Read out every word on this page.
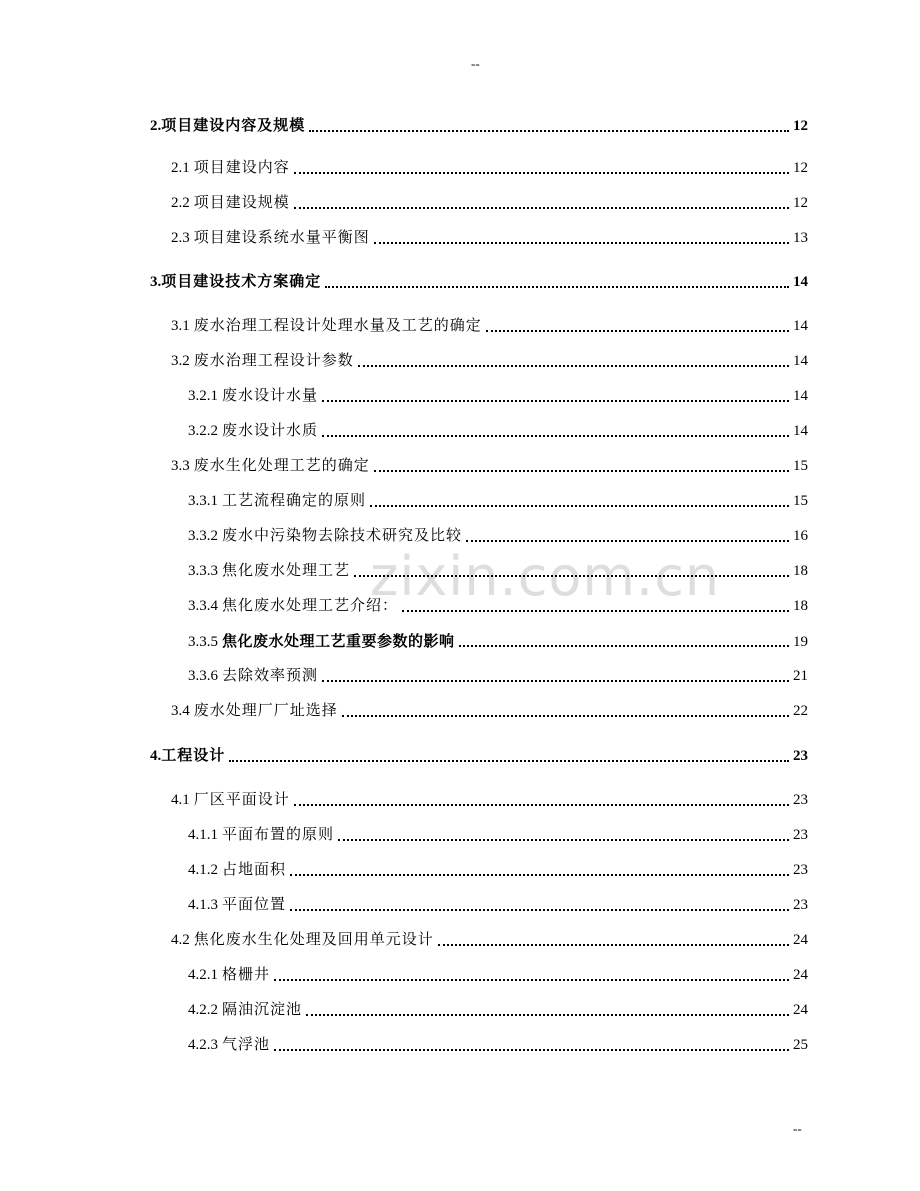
--
zixin.com.cn
2. 项目建设内容及规模	12
2.1 项目建设内容	12
2.2 项目建设规模	12
2.3 项目建设系统水量平衡图	13
3. 项目建设技术方案确定	14
3.1 废水治理工程设计处理水量及工艺的确定	14
3.2 废水治理工程设计参数	14
3.2.1 废水设计水量	14
3.2.2 废水设计水质	14
3.3 废水生化处理工艺的确定	15
3.3.1 工艺流程确定的原则	15
3.3.2 废水中污染物去除技术研究及比较	16
3.3.3 焦化废水处理工艺	18
3.3.4 焦化废水处理工艺介绍：	18
3.3.5 焦化废水处理工艺重要参数的影响	19
3.3.6 去除效率预测	21
3.4 废水处理厂厂址选择	22
4. 工程设计	23
4.1 厂区平面设计	23
4.1.1 平面布置的原则	23
4.1.2 占地面积	23
4.1.3 平面位置	23
4.2 焦化废水生化处理及回用单元设计	24
4.2.1 格栅井	24
4.2.2 隔油沉淀池	24
4.2.3 气浮池	25
--
